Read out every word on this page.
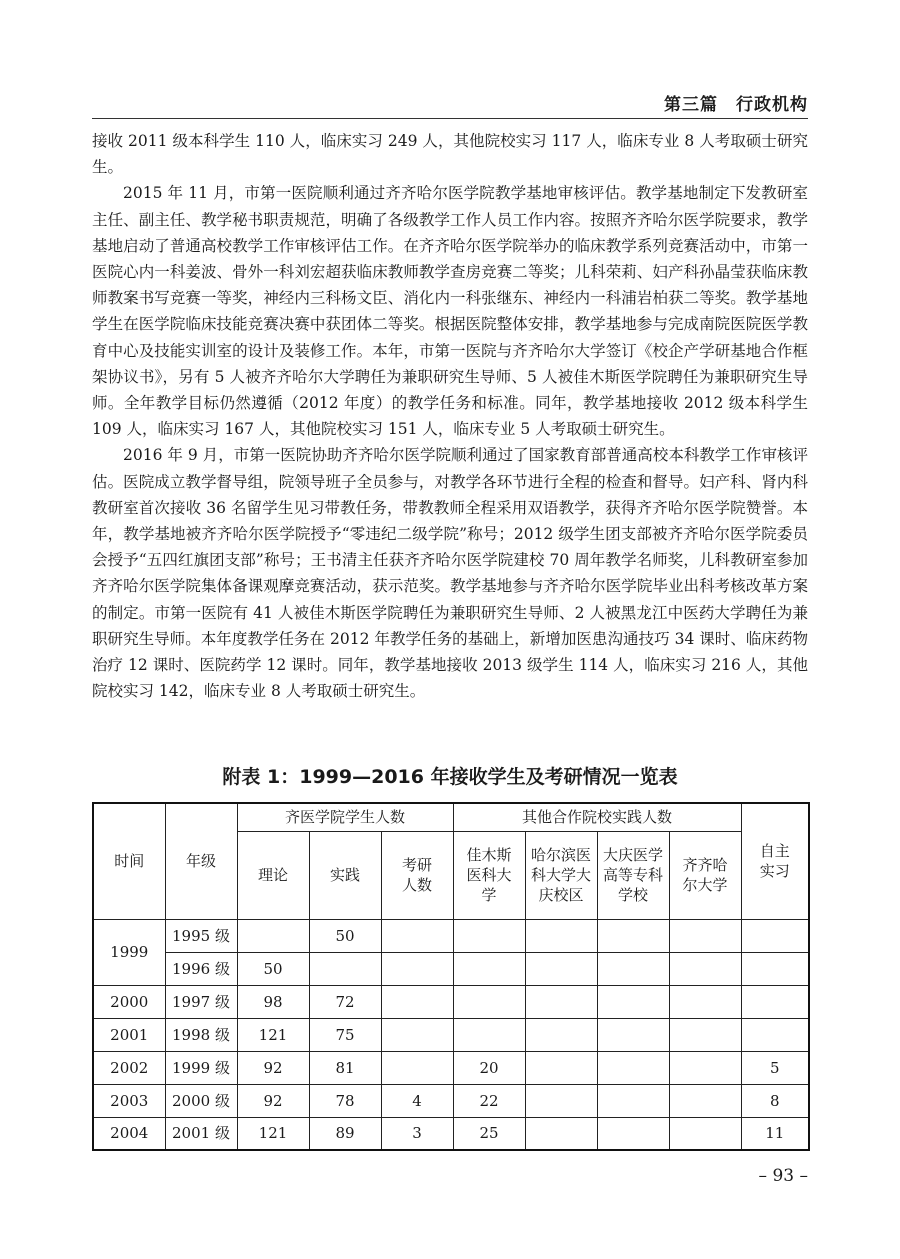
第三篇　行政机构

接收 2011 级本科学生 110 人，临床实习 249 人，其他院校实习 117 人，临床专业 8 人考取硕士研究生。

2015 年 11 月，市第一医院顺利通过齐齐哈尔医学院教学基地审核评估。教学基地制定下发教研室主任、副主任、教学秘书职责规范，明确了各级教学工作人员工作内容。按照齐齐哈尔医学院要求，教学基地启动了普通高校教学工作审核评估工作。在齐齐哈尔医学院举办的临床教学系列竞赛活动中，市第一医院心内一科姜波、骨外一科刘宏超获临床教师教学查房竞赛二等奖；儿科荣莉、妇产科孙晶莹获临床教师教案书写竞赛一等奖，神经内三科杨文臣、消化内一科张继东、神经内一科浦岩柏获二等奖。教学基地学生在医学院临床技能竞赛决赛中获团体二等奖。根据医院整体安排，教学基地参与完成南院医院医学教育中心及技能实训室的设计及装修工作。本年，市第一医院与齐齐哈尔大学签订《校企产学研基地合作框架协议书》，另有 5 人被齐齐哈尔大学聘任为兼职研究生导师、5 人被佳木斯医学院聘任为兼职研究生导师。全年教学目标仍然遵循（2012 年度）的教学任务和标准。同年，教学基地接收 2012 级本科学生 109 人，临床实习 167 人，其他院校实习 151 人，临床专业 5 人考取硕士研究生。

2016 年 9 月，市第一医院协助齐齐哈尔医学院顺利通过了国家教育部普通高校本科教学工作审核评估。医院成立教学督导组，院领导班子全员参与，对教学各环节进行全程的检查和督导。妇产科、肾内科教研室首次接收 36 名留学生见习带教任务，带教教师全程采用双语教学，获得齐齐哈尔医学院赞誉。本年，教学基地被齐齐哈尔医学院授予“零违纪二级学院”称号；2012 级学生团支部被齐齐哈尔医学院委员会授予“五四红旗团支部”称号；王书清主任获齐齐哈尔医学院建校 70 周年教学名师奖，儿科教研室参加齐齐哈尔医学院集体备课观摩竞赛活动，获示范奖。教学基地参与齐齐哈尔医学院毕业出科考核改革方案的制定。市第一医院有 41 人被佳木斯医学院聘任为兼职研究生导师、2 人被黑龙江中医药大学聘任为兼职研究生导师。本年度教学任务在 2012 年教学任务的基础上，新增加医患沟通技巧 34 课时、临床药物治疗 12 课时、医院药学 12 课时。同年，教学基地接收 2013 级学生 114 人，临床实习 216 人，其他院校实习 142，临床专业 8 人考取硕士研究生。

附表 1：1999—2016 年接收学生及考研情况一览表
时间	年级	齐医学院学生人数			其他合作院校实践人数				自主实习

		理论	实践	考研人数	佳木斯医科大学	哈尔滨医科大学大庆校区	大庆医学高等专科学校	齐齐哈尔大学	

1999	1995 级		50						
	1996 级	50							
2000	1997 级	98	72						
2001	1998 级	121	75						
2002	1999 级	92	81		20				5
2003	2000 级	92	78	4	22				8
2004	2001 级	121	89	3	25				11
– 93 –
